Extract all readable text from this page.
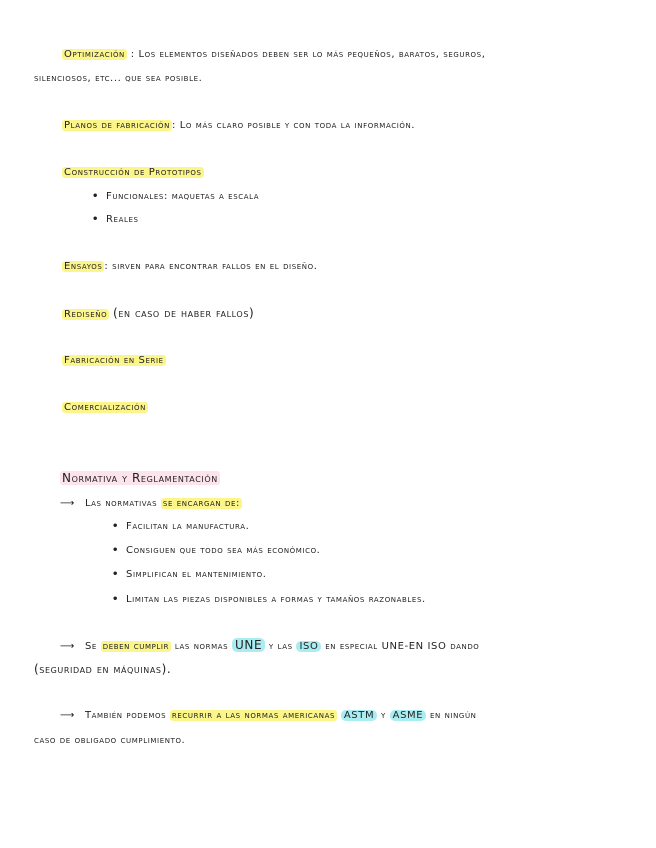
Optimización : Los elementos diseñados deben ser lo más pequeños, baratos, seguros,
silenciosos, etc... que sea posible.
Planos de fabricación : Lo más claro posible y con toda la información.
Construcción de Prototipos
• Funcionales: maquetas a escala
• Reales
Ensayos : sirven para encontrar fallos en el diseño.
Rediseño (en caso de haber fallos)
Fabricación en Serie
Comercialización
Normativa y Reglamentación
⟶ Las normativas se encargan de:
• Facilitan la manufactura.
• Consiguen que todo sea más económico.
• Simplifican el mantenimiento.
• Limitan las piezas disponibles a formas y tamaños razonables.
⟶ Se deben cumplir las normas UNE y las ISO en especial UNE-EN ISO dando
(seguridad en máquinas).
⟶ También podemos recurrir a las normas americanas ASTM y ASME en ningún
caso de obligado cumplimiento.
